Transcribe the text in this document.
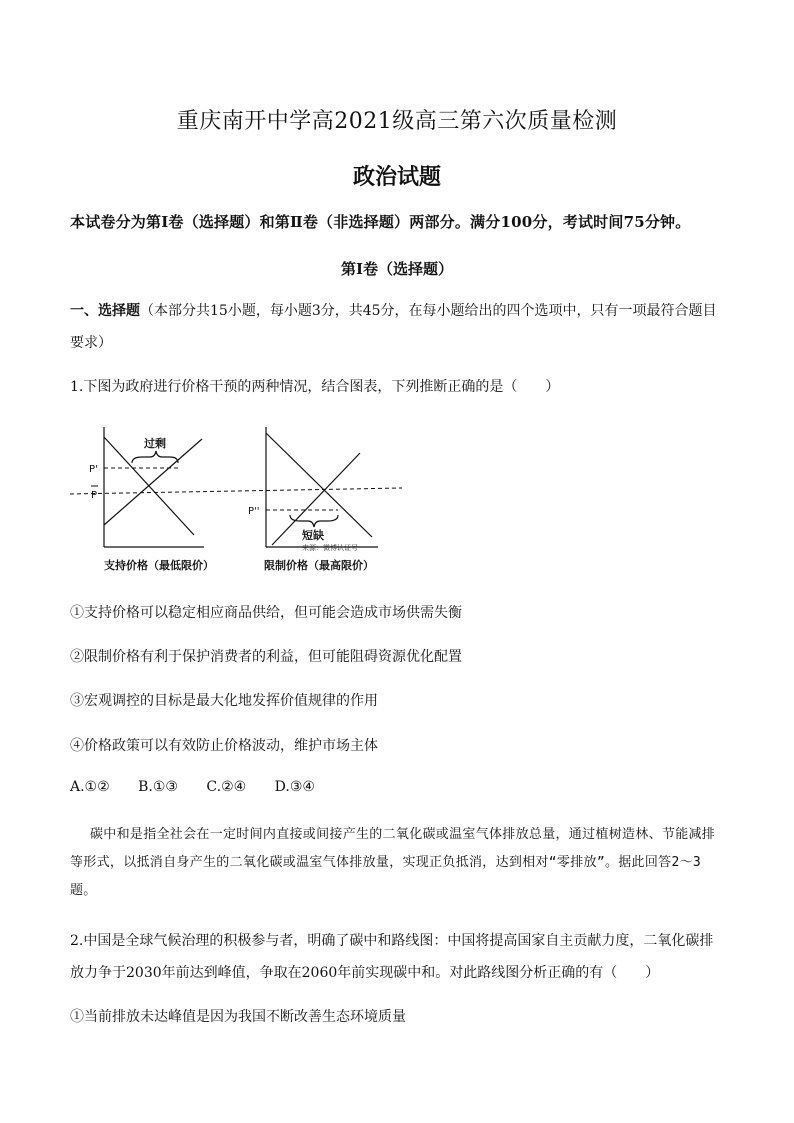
重庆南开中学高2021级高三第六次质量检测
政治试题
本试卷分为第Ⅰ卷（选择题）和第Ⅱ卷（非选择题）两部分。满分100分，考试时间75分钟。
第Ⅰ卷（选择题）
一、选择题（本部分共15小题，每小题3分，共45分，在每小题给出的四个选项中，只有一项最符合题目要求）
1.下图为政府进行价格干预的两种情况，结合图表，下列推断正确的是（　　）
过剩
P'
P
短缺
来源：微博认证号
P''
支持价格（最低限价）	限制价格（最高限价）
①支持价格可以稳定相应商品供给，但可能会造成市场供需失衡
②限制价格有利于保护消费者的利益，但可能阻碍资源优化配置
③宏观调控的目标是最大化地发挥价值规律的作用
④价格政策可以有效防止价格波动，维护市场主体
A.①② B.①③ C.②④ D.③④
碳中和是指全社会在一定时间内直接或间接产生的二氧化碳或温室气体排放总量，通过植树造林、节能减排等形式，以抵消自身产生的二氧化碳或温室气体排放量，实现正负抵消，达到相对“零排放”。据此回答2～3题。
2.中国是全球气候治理的积极参与者，明确了碳中和路线图：中国将提高国家自主贡献力度，二氧化碳排放力争于2030年前达到峰值，争取在2060年前实现碳中和。对此路线图分析正确的有（　　）
①当前排放未达峰值是因为我国不断改善生态环境质量
